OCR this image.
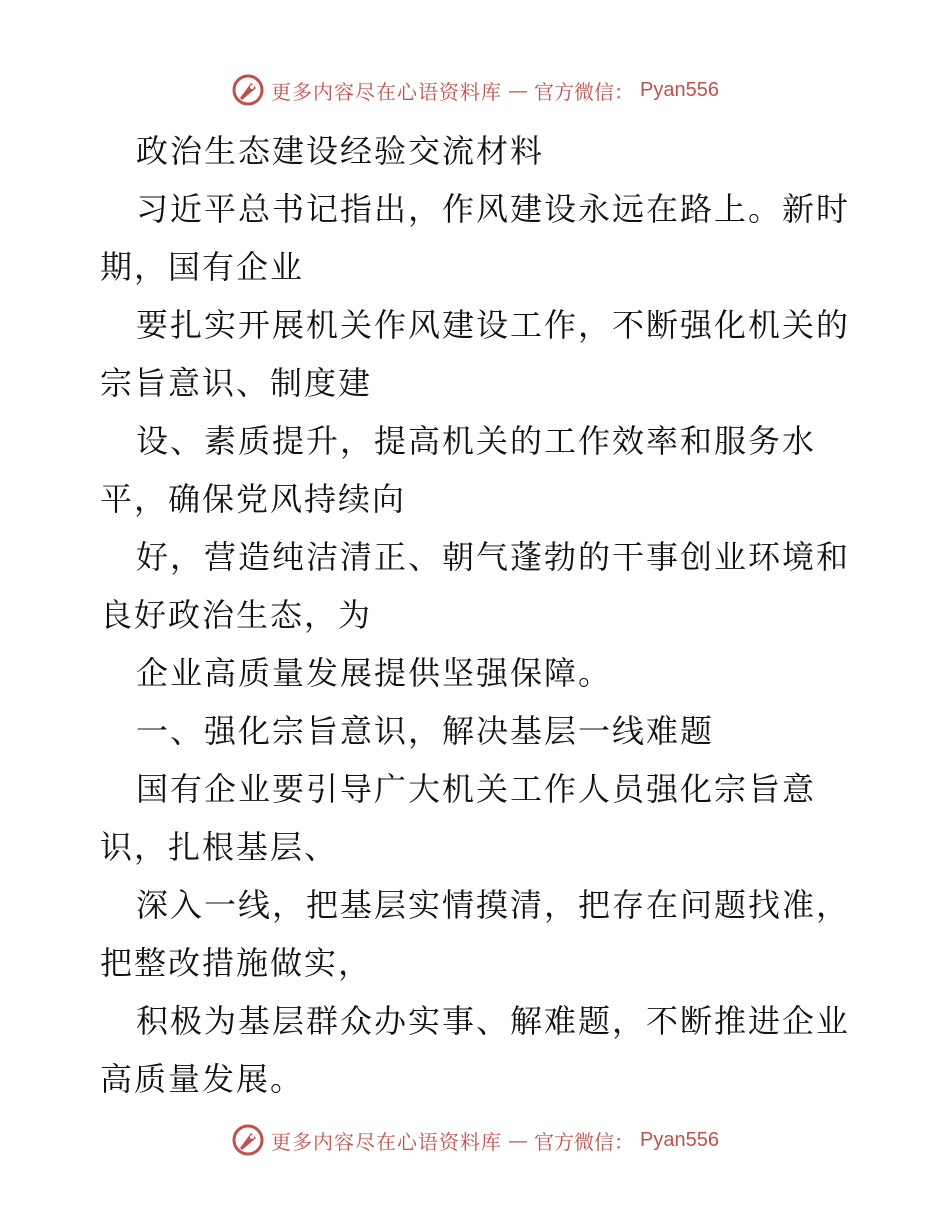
更多内容尽在心语资料库 — 官方微信： Pyan556
政治生态建设经验交流材料
习近平总书记指出，作风建设永远在路上。新时
期，国有企业
要扎实开展机关作风建设工作，不断强化机关的
宗旨意识、制度建
设、素质提升，提高机关的工作效率和服务水
平，确保党风持续向
好，营造纯洁清正、朝气蓬勃的干事创业环境和
良好政治生态，为
企业高质量发展提供坚强保障。
一、强化宗旨意识，解决基层一线难题
国有企业要引导广大机关工作人员强化宗旨意
识，扎根基层、
深入一线，把基层实情摸清，把存在问题找准，
把整改措施做实，
积极为基层群众办实事、解难题，不断推进企业
高质量发展。
更多内容尽在心语资料库 — 官方微信： Pyan556
